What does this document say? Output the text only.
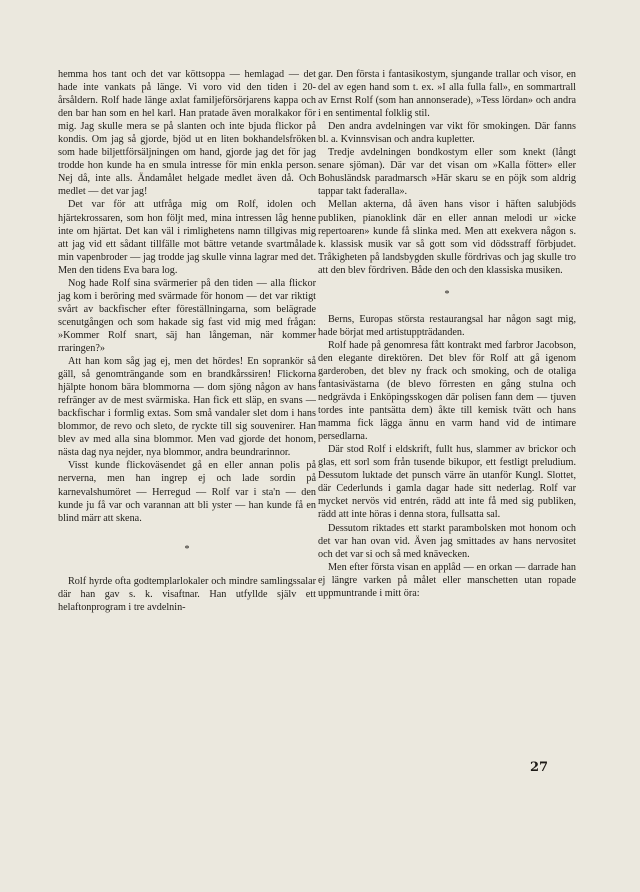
hemma hos tant och det var köttsoppa — hemlagad — det hade inte vankats på länge. Vi voro vid den tiden i 20-årsåldern. Rolf hade länge axlat familjeförsörjarens kappa och den bar han som en hel karl. Han pratade även moralkakor för mig. Jag skulle mera se på slanten och inte bjuda flickor på kondis. Om jag så gjorde, bjöd ut en liten bokhandelsfröken som hade biljettförsäljningen om hand, gjorde jag det för jag trodde hon kunde ha en smula intresse för min enkla person. Nej då, inte alls. Ändamålet helgade medlet även då. Och medlet — det var jag!

Det var för att utfråga mig om Rolf, idolen och hjärtekrossaren, som hon följt med, mina intressen låg henne inte om hjärtat. Det kan väl i rimlighetens namn tillgivas mig att jag vid ett sådant tillfälle mot bättre vetande svartmålade min vapenbroder — jag trodde jag skulle vinna lagrar med det. Men den tidens Eva bara log.

Nog hade Rolf sina svärmerier på den tiden — alla flickor jag kom i beröring med svärmade för honom — det var riktigt svårt av backfischer efter föreställningarna, som belägrade scenutgången och som hakade sig fast vid mig med frågan: »Kommer Rolf snart, säj han långeman, när kommer rraringen?»

Att han kom såg jag ej, men det hördes! En soprankör så gäll, så genomträngande som en brandkårssiren! Flickorna hjälpte honom bära blommorna — dom sjöng någon av hans refränger av de mest svärmiska. Han fick ett släp, en svans — backfischar i formlig extas. Som små vandaler slet dom i hans blommor, de revo och sleto, de ryckte till sig souvenirer. Han blev av med alla sina blommor. Men vad gjorde det honom, nästa dag nya nejder, nya blommor, andra beundrarinnor.

Visst kunde flickoväsendet gå en eller annan polis på nerverna, men han ingrep ej och lade sordin på karnevalshumöret — Herregud — Rolf var i sta'n — den kunde ju få var och varannan att bli yster — han kunde få en blind märr att skena.

*

Rolf hyrde ofta godtemplarlokaler och mindre samlingssalar där han gav s. k. visaftnar. Han utfyllde själv ett helaftonprogram i tre avdelnin-

gar. Den första i fantasikostym, sjungande trallar och visor, en del av egen hand som t. ex. »I alla fulla fall», en sommartrall av Ernst Rolf (som han annonserade), »Tess lördan» och andra i en sentimental folklig stil.

Den andra avdelningen var vikt för smokingen. Där fanns bl. a. Kvinnsvisan och andra kupletter.

Tredje avdelningen bondkostym eller som knekt (långt senare sjöman). Där var det visan om »Kalla fötter» eller Bohusländsk paradmarsch »Här skaru se en pöjk som aldrig tappar takt faderalla».

Mellan akterna, då även hans visor i häften salubjöds publiken, pianoklink där en eller annan melodi ur »icke repertoaren» kunde få slinka med. Men att exekvera någon s. k. klassisk musik var så gott som vid dödsstraff förbjudet. Tråkigheten på landsbygden skulle fördrivas och jag skulle tro att den blev fördriven. Både den och den klassiska musiken.

*

Berns, Europas största restaurangsal har någon sagt mig, hade börjat med artistuppträdanden.

Rolf hade på genomresa fått kontrakt med farbror Jacobson, den elegante direktören. Det blev för Rolf att gå igenom garderoben, det blev ny frack och smoking, och de otaliga fantasivästarna (de blevo förresten en gång stulna och nedgrävda i Enköpingsskogen där polisen fann dem — tjuven tordes inte pantsätta dem) åkte till kemisk tvätt och hans mamma fick lägga ännu en varm hand vid de intimare persedlarna.

Där stod Rolf i eldskrift, fullt hus, slammer av brickor och glas, ett sorl som från tusende bikupor, ett festligt preludium. Dessutom luktade det punsch värre än utanför Kungl. Slottet, där Cederlunds i gamla dagar hade sitt nederlag. Rolf var mycket nervös vid entrén, rädd att inte få med sig publiken, rädd att inte höras i denna stora, fullsatta sal.

Dessutom riktades ett starkt parambolsken mot honom och det var han ovan vid. Även jag smittades av hans nervositet och det var si och så med knävecken.

Men efter första visan en applåd — en orkan — darrade han ej längre varken på målet eller manschetten utan ropade uppmuntrande i mitt öra:

27
